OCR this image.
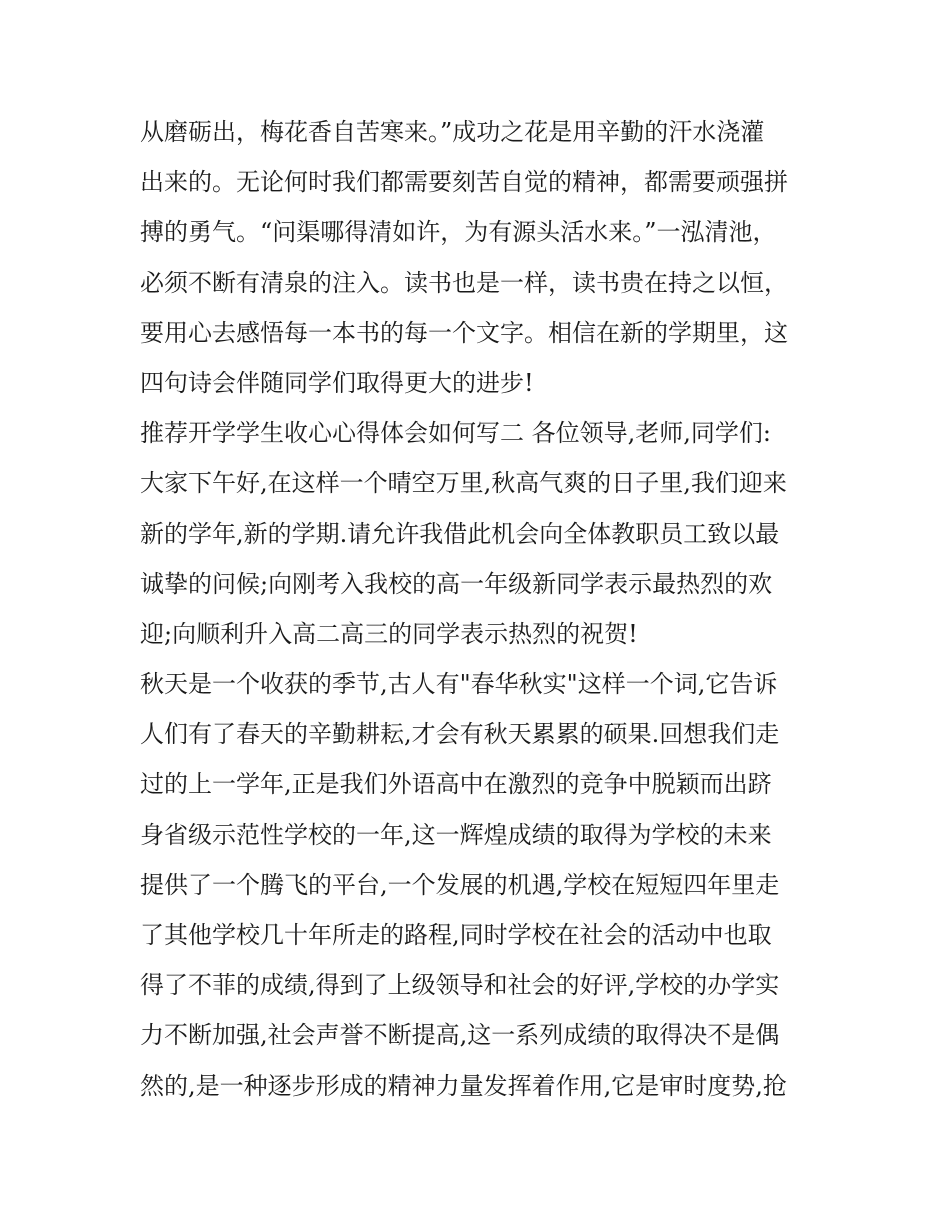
从磨砺出，梅花香自苦寒来。”成功之花是用辛勤的汗水浇灌

出来的。无论何时我们都需要刻苦自觉的精神，都需要顽强拼

搏的勇气。“问渠哪得清如许，为有源头活水来。”一泓清池，

必须不断有清泉的注入。读书也是一样，读书贵在持之以恒，

要用心去感悟每一本书的每一个文字。相信在新的学期里，这

四句诗会伴随同学们取得更大的进步!

推荐开学学生收心心得体会如何写二 各位领导,老师,同学们:

大家下午好,在这样一个晴空万里,秋高气爽的日子里,我们迎来

新的学年,新的学期.请允许我借此机会向全体教职员工致以最

诚挚的问候;向刚考入我校的高一年级新同学表示最热烈的欢

迎;向顺利升入高二高三的同学表示热烈的祝贺!

秋天是一个收获的季节,古人有"春华秋实"这样一个词,它告诉

人们有了春天的辛勤耕耘,才会有秋天累累的硕果.回想我们走

过的上一学年,正是我们外语高中在激烈的竞争中脱颖而出跻

身省级示范性学校的一年,这一辉煌成绩的取得为学校的未来

提供了一个腾飞的平台,一个发展的机遇,学校在短短四年里走

了其他学校几十年所走的路程,同时学校在社会的活动中也取

得了不菲的成绩,得到了上级领导和社会的好评,学校的办学实

力不断加强,社会声誉不断提高,这一系列成绩的取得决不是偶

然的,是一种逐步形成的精神力量发挥着作用,它是审时度势,抢
